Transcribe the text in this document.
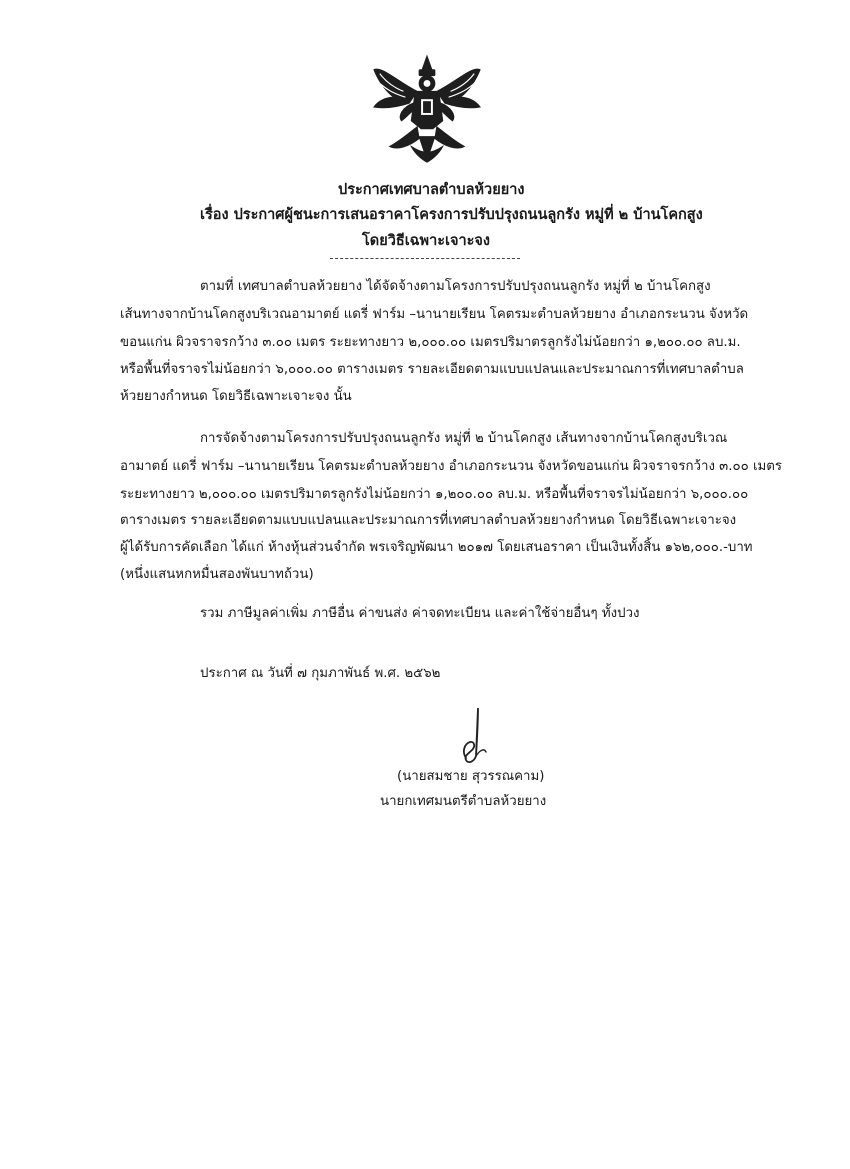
ประกาศเทศบาลตำบลห้วยยาง
เรื่อง ประกาศผู้ชนะการเสนอราคาโครงการปรับปรุงถนนลูกรัง หมู่ที่ ๒ บ้านโคกสูง
โดยวิธีเฉพาะเจาะจง
ตามที่ เทศบาลตำบลห้วยยาง ได้จัดจ้างตามโครงการปรับปรุงถนนลูกรัง หมู่ที่ ๒ บ้านโคกสูง
เส้นทางจากบ้านโคกสูงบริเวณอามาตย์ แดรี่ ฟาร์ม –นานายเรียน โคตรมะตำบลห้วยยาง อำเภอกระนวน จังหวัด
ขอนแก่น ผิวจราจรกว้าง ๓.๐๐ เมตร ระยะทางยาว ๒,๐๐๐.๐๐ เมตรปริมาตรลูกรังไม่น้อยกว่า ๑,๒๐๐.๐๐ ลบ.ม.
หรือพื้นที่จราจรไม่น้อยกว่า ๖,๐๐๐.๐๐ ตารางเมตร รายละเอียดตามแบบแปลนและประมาณการที่เทศบาลตำบล
ห้วยยางกำหนด โดยวิธีเฉพาะเจาะจง นั้น
การจัดจ้างตามโครงการปรับปรุงถนนลูกรัง หมู่ที่ ๒ บ้านโคกสูง เส้นทางจากบ้านโคกสูงบริเวณ
อามาตย์ แดรี่ ฟาร์ม –นานายเรียน โคตรมะตำบลห้วยยาง อำเภอกระนวน จังหวัดขอนแก่น ผิวจราจรกว้าง ๓.๐๐ เมตร
ระยะทางยาว ๒,๐๐๐.๐๐ เมตรปริมาตรลูกรังไม่น้อยกว่า ๑,๒๐๐.๐๐ ลบ.ม. หรือพื้นที่จราจรไม่น้อยกว่า ๖,๐๐๐.๐๐
ตารางเมตร รายละเอียดตามแบบแปลนและประมาณการที่เทศบาลตำบลห้วยยางกำหนด โดยวิธีเฉพาะเจาะจง
ผู้ได้รับการคัดเลือก ได้แก่ ห้างหุ้นส่วนจำกัด พรเจริญพัฒนา ๒๐๑๗ โดยเสนอราคา เป็นเงินทั้งสิ้น ๑๖๒,๐๐๐.-บาท
(หนึ่งแสนหกหมื่นสองพันบาทถ้วน)
รวม ภาษีมูลค่าเพิ่ม ภาษีอื่น ค่าขนส่ง ค่าจดทะเบียน และค่าใช้จ่ายอื่นๆ ทั้งปวง
ประกาศ ณ วันที่ ๗ กุมภาพันธ์ พ.ศ. ๒๕๖๒
(นายสมชาย สุวรรณคาม)
นายกเทศมนตรีตำบลห้วยยาง
